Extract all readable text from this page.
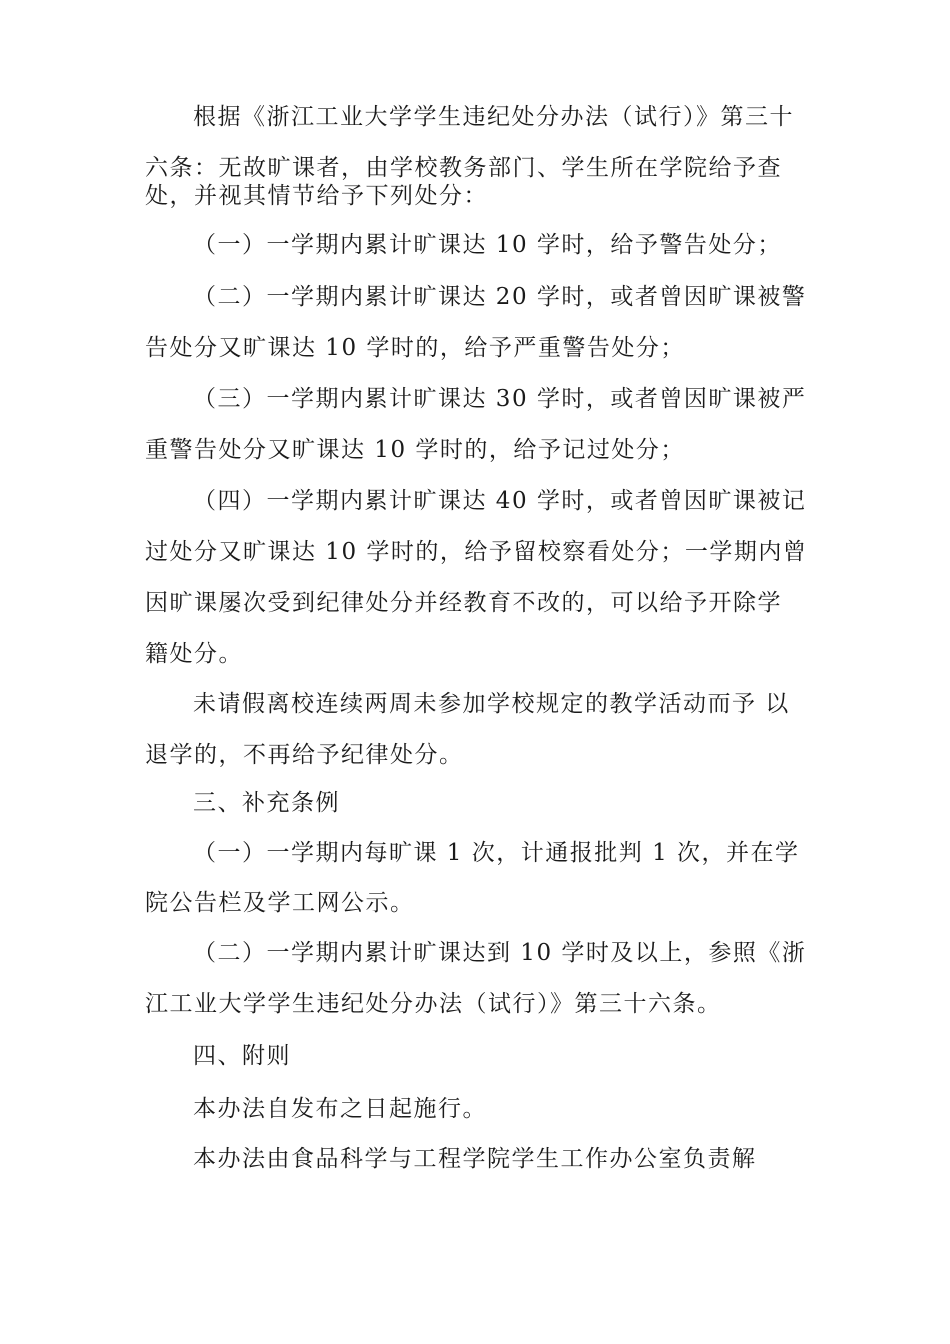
根据《浙江工业大学学生违纪处分办法（试行）》第三十
六条：无故旷课者，由学校教务部门、学生所在学院给予查
处，并视其情节给予下列处分：
（一）一学期内累计旷课达 10 学时，给予警告处分；
（二）一学期内累计旷课达 20 学时，或者曾因旷课被警
告处分又旷课达 10 学时的，给予严重警告处分；
（三）一学期内累计旷课达 30 学时，或者曾因旷课被严
重警告处分又旷课达 10 学时的，给予记过处分；
（四）一学期内累计旷课达 40 学时，或者曾因旷课被记
过处分又旷课达 10 学时的，给予留校察看处分；一学期内曾
因旷课屡次受到纪律处分并经教育不改的，可以给予开除学
籍处分。
未请假离校连续两周未参加学校规定的教学活动而予 以
退学的，不再给予纪律处分。
三、补充条例
（一）一学期内每旷课 1 次，计通报批判 1 次，并在学
院公告栏及学工网公示。
（二）一学期内累计旷课达到 10 学时及以上，参照《浙
江工业大学学生违纪处分办法（试行）》第三十六条。
四、附则
本办法自发布之日起施行。
本办法由食品科学与工程学院学生工作办公室负责解
